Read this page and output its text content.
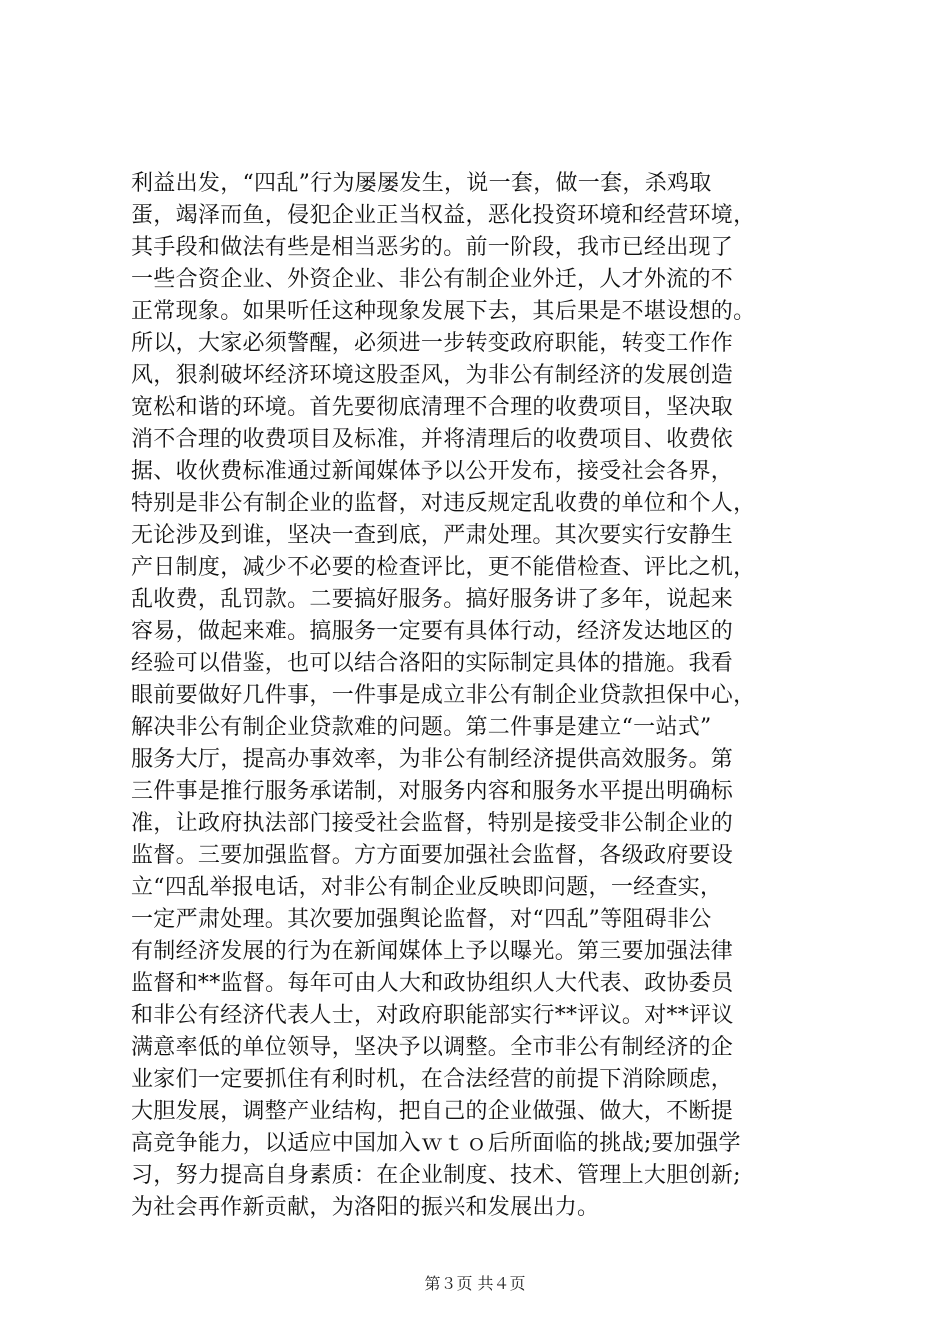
利益出发，“四乱”行为屡屡发生，说一套，做一套，杀鸡取
蛋，竭泽而鱼，侵犯企业正当权益，恶化投资环境和经营环境，
其手段和做法有些是相当恶劣的。前一阶段，我市已经出现了
一些合资企业、外资企业、非公有制企业外迁，人才外流的不
正常现象。如果听任这种现象发展下去，其后果是不堪设想的。
所以，大家必须警醒，必须进一步转变政府职能，转变工作作
风，狠刹破坏经济环境这股歪风，为非公有制经济的发展创造
宽松和谐的环境。首先要彻底清理不合理的收费项目，坚决取
消不合理的收费项目及标准，并将清理后的收费项目、收费依
据、收伙费标准通过新闻媒体予以公开发布，接受社会各界，
特别是非公有制企业的监督，对违反规定乱收费的单位和个人，
无论涉及到谁，坚决一查到底，严肃处理。其次要实行安静生
产日制度，减少不必要的检查评比，更不能借检查、评比之机，
乱收费，乱罚款。二要搞好服务。搞好服务讲了多年，说起来
容易，做起来难。搞服务一定要有具体行动，经济发达地区的
经验可以借鉴，也可以结合洛阳的实际制定具体的措施。我看
眼前要做好几件事，一件事是成立非公有制企业贷款担保中心，
解决非公有制企业贷款难的问题。第二件事是建立“一站式”
服务大厅，提高办事效率，为非公有制经济提供高效服务。第
三件事是推行服务承诺制，对服务内容和服务水平提出明确标
准，让政府执法部门接受社会监督，特别是接受非公制企业的
监督。三要加强监督。方方面要加强社会监督，各级政府要设
立“四乱举报电话，对非公有制企业反映即问题，一经查实，
一定严肃处理。其次要加强舆论监督，对“四乱”等阻碍非公
有制经济发展的行为在新闻媒体上予以曝光。第三要加强法律
监督和**监督。每年可由人大和政协组织人大代表、政协委员
和非公有经济代表人士，对政府职能部实行**评议。对**评议
满意率低的单位领导，坚决予以调整。全市非公有制经济的企
业家们一定要抓住有利时机，在合法经营的前提下消除顾虑，
大胆发展，调整产业结构，把自己的企业做强、做大，不断提
高竞争能力，以适应中国加入ｗｔｏ后所面临的挑战;要加强学
习，努力提高自身素质：在企业制度、技术、管理上大胆创新;
为社会再作新贡献，为洛阳的振兴和发展出力。
第３页 共４页
